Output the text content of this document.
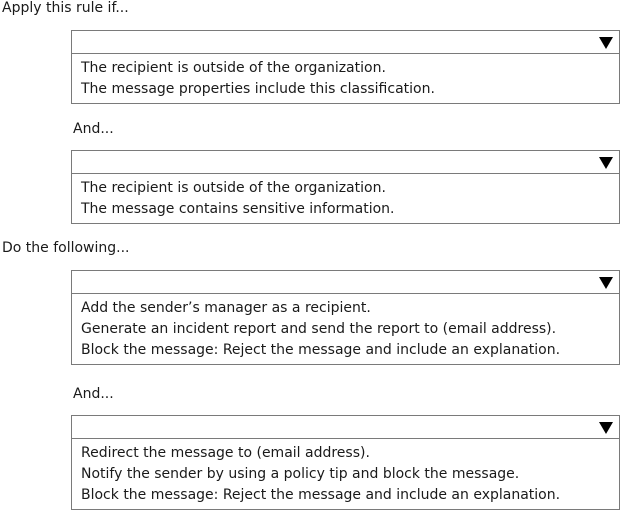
Apply this rule if...
The recipient is outside of the organization.
The message properties include this classification.
And...
The recipient is outside of the organization.
The message contains sensitive information.
Do the following...
Add the sender’s manager as a recipient.
Generate an incident report and send the report to (email address).
Block the message: Reject the message and include an explanation.
And...
Redirect the message to (email address).
Notify the sender by using a policy tip and block the message.
Block the message: Reject the message and include an explanation.
